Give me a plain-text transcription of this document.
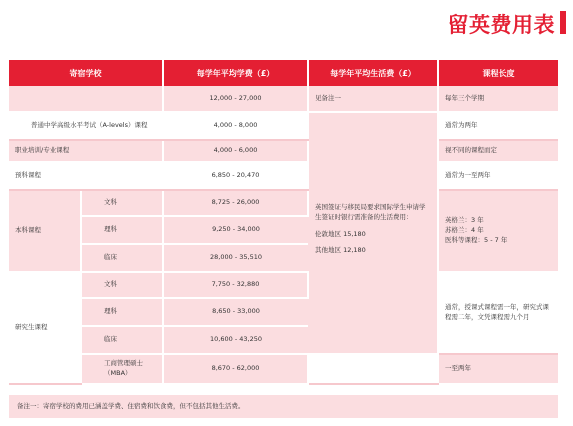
留英费用表
寄宿学校		每学年平均学费（£）	每学年平均生活费（£）	课程长度
		12,000 - 27,000	见备注一	每年三个学期
普通中学高级水平考试（A-levels）课程		4,000 - 8,000	英国签证与移民局要求国际学生申请学生签证时银行需准备的生活费用：
伦敦地区 15,180
其他地区 12,180	通常为两年
职业培训/专业课程		4,000 - 6,000		视不同的课程而定
预科课程		6,850 - 20,470		通常为一至两年
本科课程	文科	8,725 - 26,000		英格兰：3 年
苏格兰：4 年
医科等课程：5 - 7 年

	理科	9,250 - 34,000		
	临床	28,000 - 35,510		
研究生课程	文科	7,750 - 32,880		通常，授课式课程需一年，研究式课程需二年，文凭课程需九个月
	理科	8,650 - 33,000		
	临床	10,600 - 43,250		
	工商管理硕士（MBA）	8,670 - 62,000		一至两年
备注一：寄宿学校的费用已涵盖学费、住宿费和饮食费，但不包括其他生活费。
